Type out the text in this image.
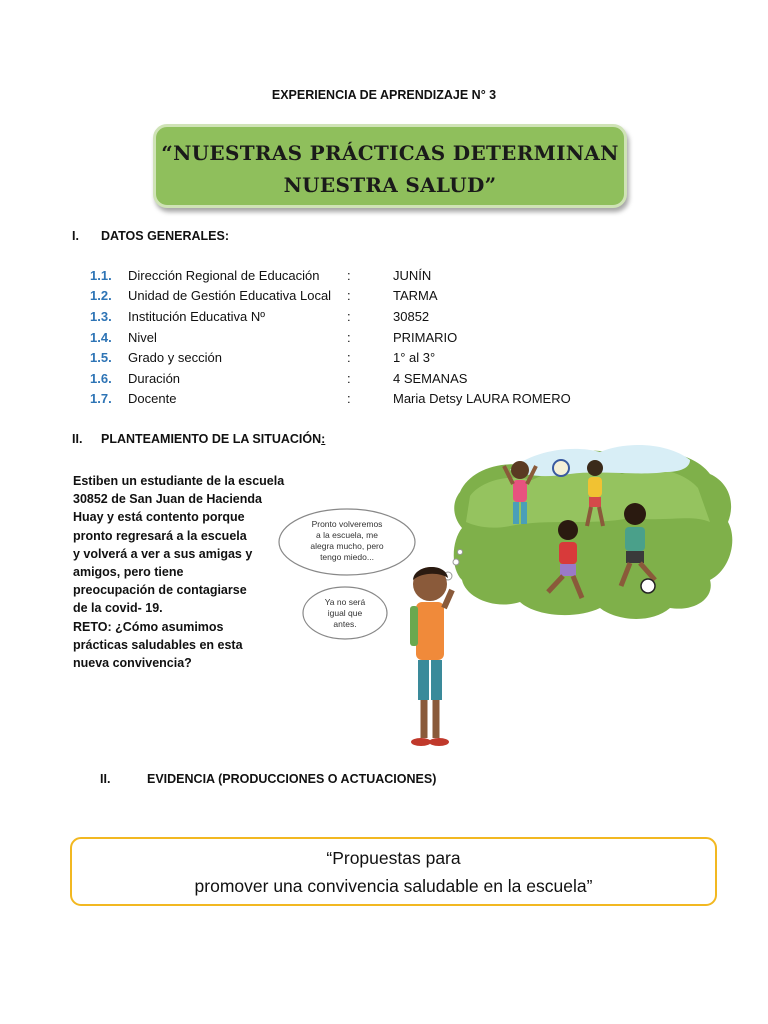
EXPERIENCIA DE APRENDIZAJE N° 3
“NUESTRAS PRÁCTICAS DETERMINAN
NUESTRA SALUD”
I. DATOS GENERALES:
1.1. Dirección Regional de Educación :	JUNÍN
1.2. Unidad de Gestión Educativa Local :	TARMA
1.3. Institución Educativa Nº	:	30852
1.4. Nivel	:	PRIMARIO
1.5. Grado y sección	:	1° al 3°
1.6. Duración	:	4 SEMANAS
1.7. Docente	:	Maria Detsy LAURA ROMERO
II. PLANTEAMIENTO DE LA SITUACIÓN:
Estiben un estudiante de la escuela
30852 de San Juan de Hacienda
Huay y está contento porque
pronto regresará a la escuela
y volverá a ver a sus amigas y
amigos, pero tiene
preocupación de contagiarse
de la covid- 19.
RETO: ¿Cómo asumimos
prácticas saludables en esta
nueva convivencia?
Pronto volveremos
a la escuela, me
alegra mucho, pero
tengo miedo...
Ya no será
igual que
antes.
II.	EVIDENCIA (PRODUCCIONES O ACTUACIONES)
“Propuestas para
promover una convivencia saludable en la escuela”
